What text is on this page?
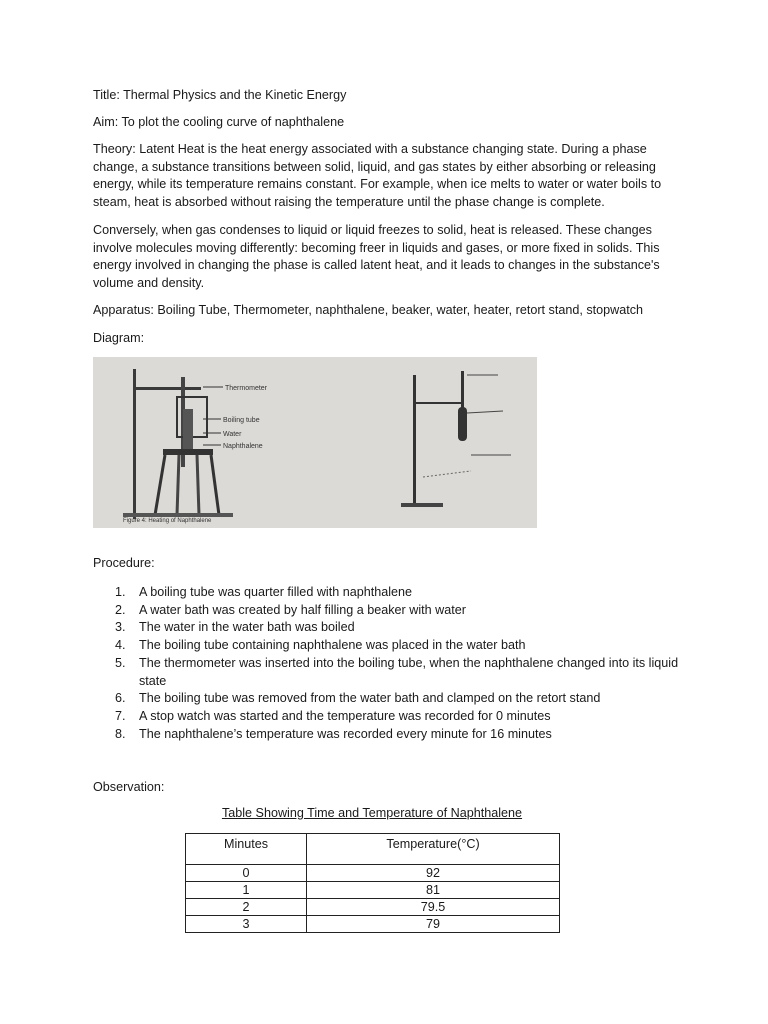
Title: Thermal Physics and the Kinetic Energy

Aim: To plot the cooling curve of naphthalene

Theory: Latent Heat is the heat energy associated with a substance changing state. During a phase change, a substance transitions between solid, liquid, and gas states by either absorbing or releasing energy, while its temperature remains constant. For example, when ice melts to water or water boils to steam, heat is absorbed without raising the temperature until the phase change is complete.

Conversely, when gas condenses to liquid or liquid freezes to solid, heat is released. These changes involve molecules moving differently: becoming freer in liquids and gases, or more fixed in solids. This energy involved in changing the phase is called latent heat, and it leads to changes in the substance's volume and density.

Apparatus: Boiling Tube, Thermometer, naphthalene, beaker, water, heater, retort stand, stopwatch

Diagram:

Thermometer
Boiling tube
Water
Naphthalene
Figure 4: Heating of Naphthalene

Procedure:

1. A boiling tube was quarter filled with naphthalene
2. A water bath was created by half filling a beaker with water
3. The water in the water bath was boiled
4. The boiling tube containing naphthalene was placed in the water bath
5. The thermometer was inserted into the boiling tube, when the naphthalene changed into its liquid state
6. The boiling tube was removed from the water bath and clamped on the retort stand
7. A stop watch was started and the temperature was recorded for 0 minutes
8. The naphthalene’s temperature was recorded every minute for 16 minutes

Observation:

Table Showing Time and Temperature of Naphthalene
Minutes	Temperature(°C)
0	92
1	81
2	79.5
3	79
